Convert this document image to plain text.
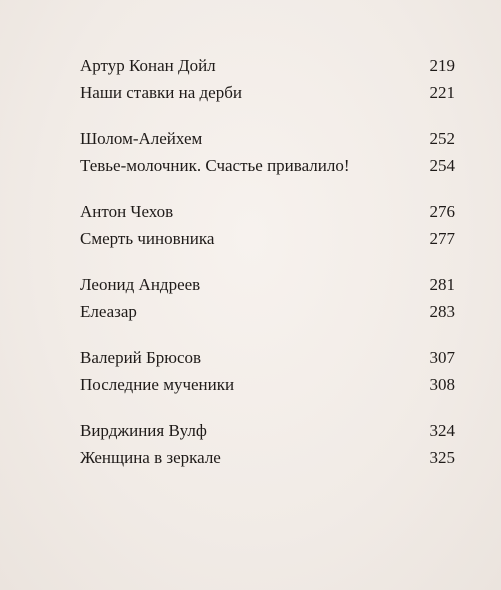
Артур Конан Дойл	219
Наши ставки на дерби	221
Шолом-Алейхем	252
Тевье-молочник. Счастье привалило!	254
Антон Чехов	276
Смерть чиновника	277
Леонид Андреев	281
Елеазар	283
Валерий Брюсов	307
Последние мученики	308
Вирджиния Вулф	324
Женщина в зеркале	325
